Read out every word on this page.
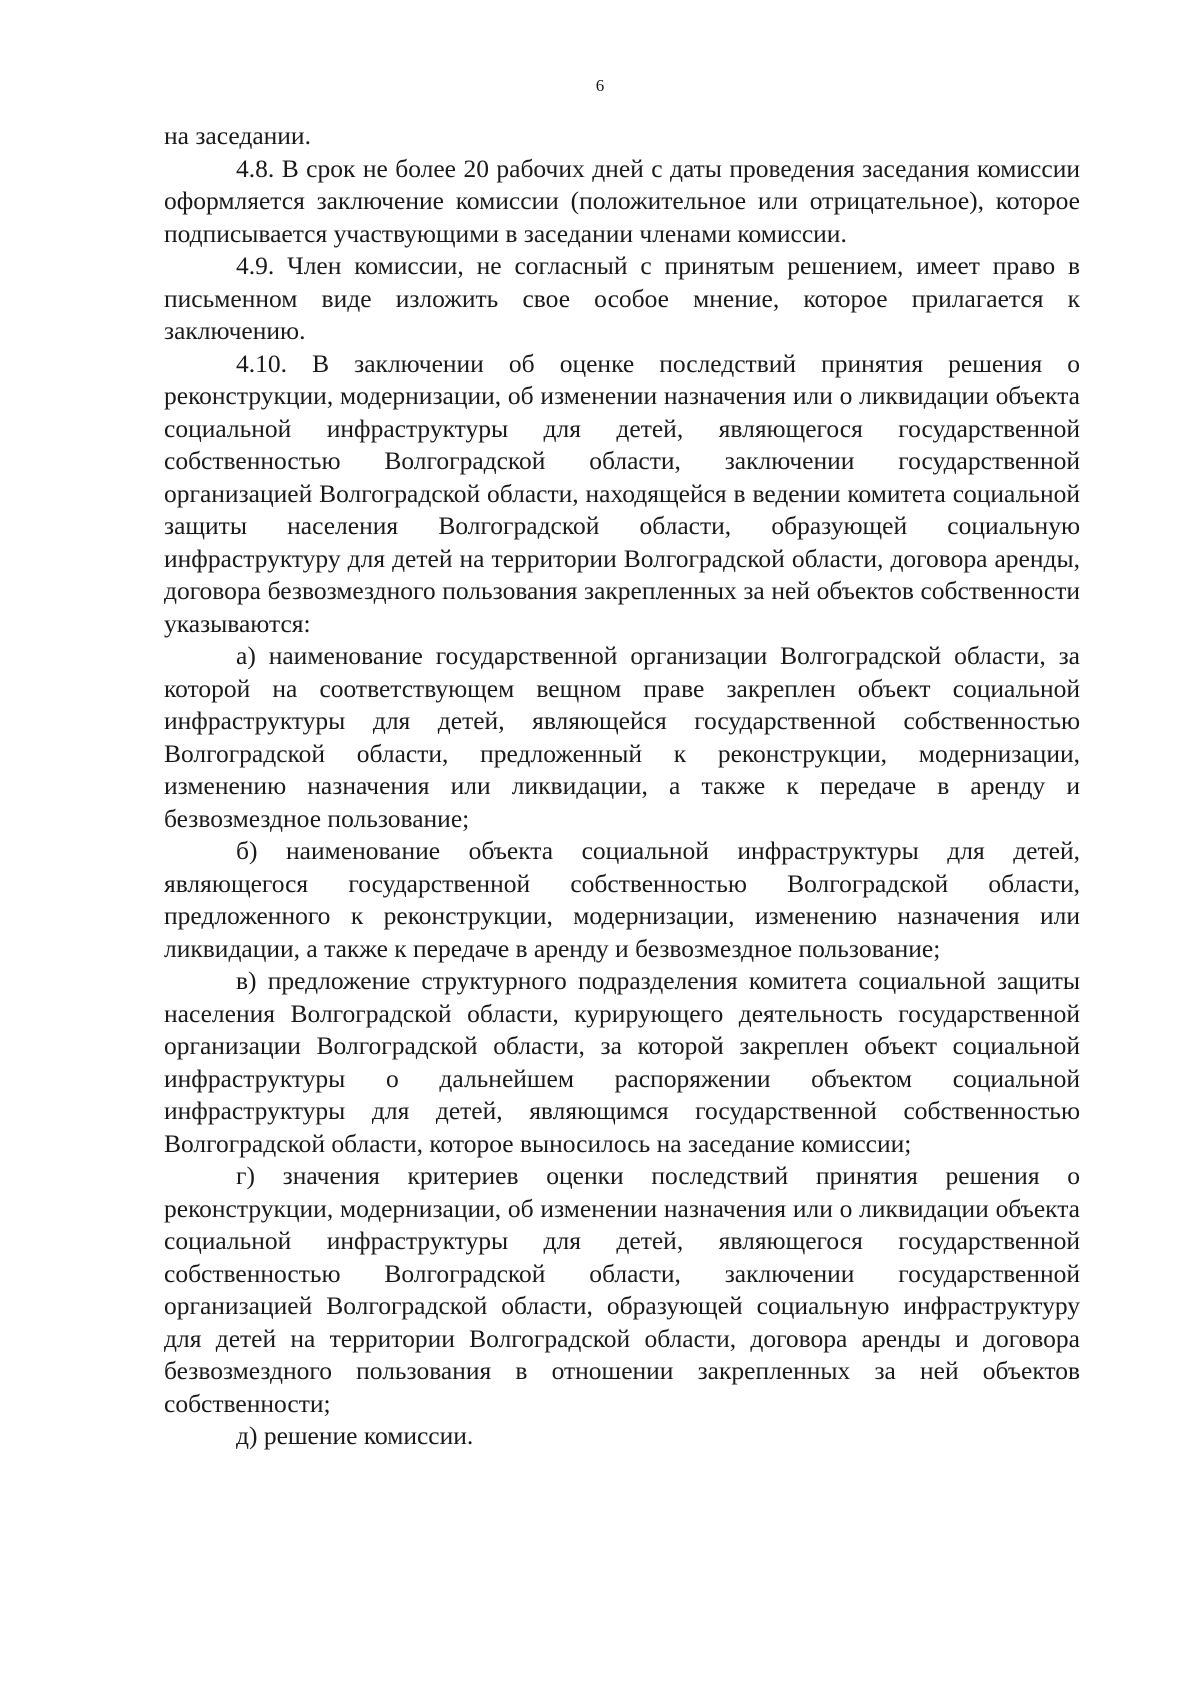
6

на заседании.

4.8. В срок не более 20 рабочих дней с даты проведения заседания комиссии оформляется заключение комиссии (положительное или отрицательное), которое подписывается участвующими в заседании членами комиссии.

4.9. Член комиссии, не согласный с принятым решением, имеет право в письменном виде изложить свое особое мнение, которое прилагается к заключению.

4.10. В заключении об оценке последствий принятия решения о реконструкции, модернизации, об изменении назначения или о ликвидации объекта социальной инфраструктуры для детей, являющегося государственной собственностью Волгоградской области, заключении государственной организацией Волгоградской области, находящейся в ведении комитета социальной защиты населения Волгоградской области, образующей социальную инфраструктуру для детей на территории Волгоградской области, договора аренды, договора безвозмездного пользования закрепленных за ней объектов собственности указываются:

а) наименование государственной организации Волгоградской области, за которой на соответствующем вещном праве закреплен объект социальной инфраструктуры для детей, являющейся государственной собственностью Волгоградской области, предложенный к реконструкции, модернизации, изменению назначения или ликвидации, а также к передаче в аренду и безвозмездное пользование;

б) наименование объекта социальной инфраструктуры для детей, являющегося государственной собственностью Волгоградской области, предложенного к реконструкции, модернизации, изменению назначения или ликвидации, а также к передаче в аренду и безвозмездное пользование;

в) предложение структурного подразделения комитета социальной защиты населения Волгоградской области, курирующего деятельность государственной организации Волгоградской области, за которой закреплен объект социальной инфраструктуры о дальнейшем распоряжении объектом социальной инфраструктуры для детей, являющимся государственной собственностью Волгоградской области, которое выносилось на заседание комиссии;

г) значения критериев оценки последствий принятия решения о реконструкции, модернизации, об изменении назначения или о ликвидации объекта социальной инфраструктуры для детей, являющегося государственной собственностью Волгоградской области, заключении государственной организацией Волгоградской области, образующей социальную инфраструктуру для детей на территории Волгоградской области, договора аренды и договора безвозмездного пользования в отношении закрепленных за ней объектов собственности;

д) решение комиссии.
